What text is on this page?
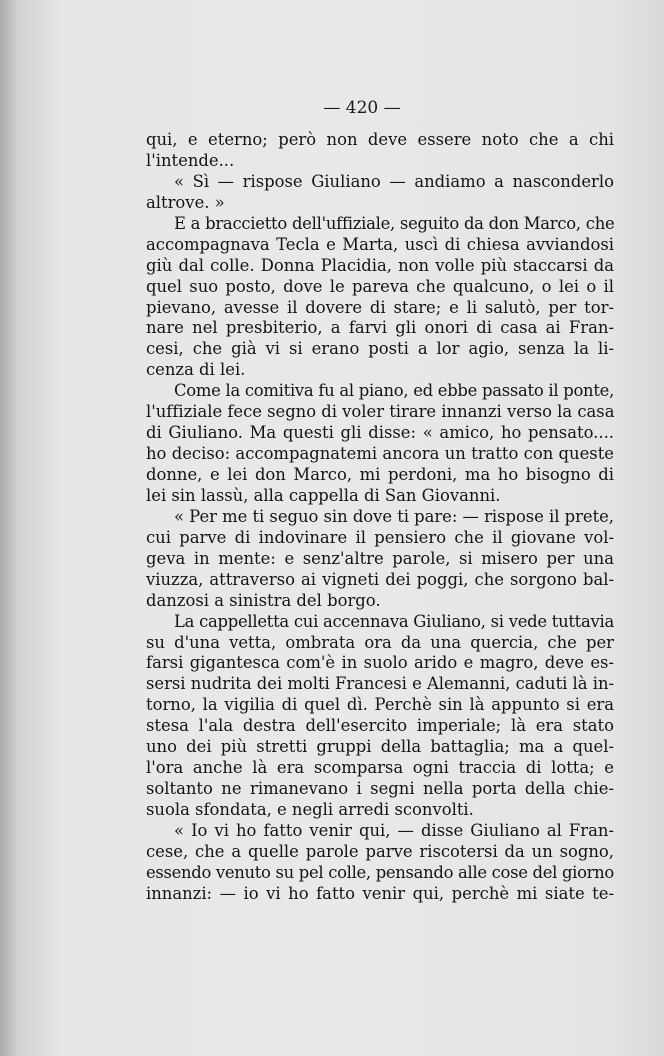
— 420 —
qui, e eterno; però non deve essere noto che a chi
l'intende...
« Sì — rispose Giuliano — andiamo a nasconderlo
altrove. »
E a braccietto dell'uffiziale, seguito da don Marco, che
accompagnava Tecla e Marta, uscì di chiesa avviandosi
giù dal colle. Donna Placidia, non volle più staccarsi da
quel suo posto, dove le pareva che qualcuno, o lei o il
pievano, avesse il dovere di stare; e li salutò, per tor-
nare nel presbiterio, a farvi gli onori di casa ai Fran-
cesi, che già vi si erano posti a lor agio, senza la li-
cenza di lei.
Come la comitiva fu al piano, ed ebbe passato il ponte,
l'uffiziale fece segno di voler tirare innanzi verso la casa
di Giuliano. Ma questi gli disse: « amico, ho pensato....
ho deciso: accompagnatemi ancora un tratto con queste
donne, e lei don Marco, mi perdoni, ma ho bisogno di
lei sin lassù, alla cappella di San Giovanni.
« Per me ti seguo sin dove ti pare: — rispose il prete,
cui parve di indovinare il pensiero che il giovane vol-
geva in mente: e senz'altre parole, si misero per una
viuzza, attraverso ai vigneti dei poggi, che sorgono bal-
danzosi a sinistra del borgo.
La cappelletta cui accennava Giuliano, si vede tuttavia
su d'una vetta, ombrata ora da una quercia, che per
farsi gigantesca com'è in suolo arido e magro, deve es-
sersi nudrita dei molti Francesi e Alemanni, caduti là in-
torno, la vigilia di quel dì. Perchè sin là appunto si era
stesa l'ala destra dell'esercito imperiale; là era stato
uno dei più stretti gruppi della battaglia; ma a quel-
l'ora anche là era scomparsa ogni traccia di lotta; e
soltanto ne rimanevano i segni nella porta della chie-
suola sfondata, e negli arredi sconvolti.
« Io vi ho fatto venir qui, — disse Giuliano al Fran-
cese, che a quelle parole parve riscotersi da un sogno,
essendo venuto su pel colle, pensando alle cose del giorno
innanzi: — io vi ho fatto venir qui, perchè mi siate te-
